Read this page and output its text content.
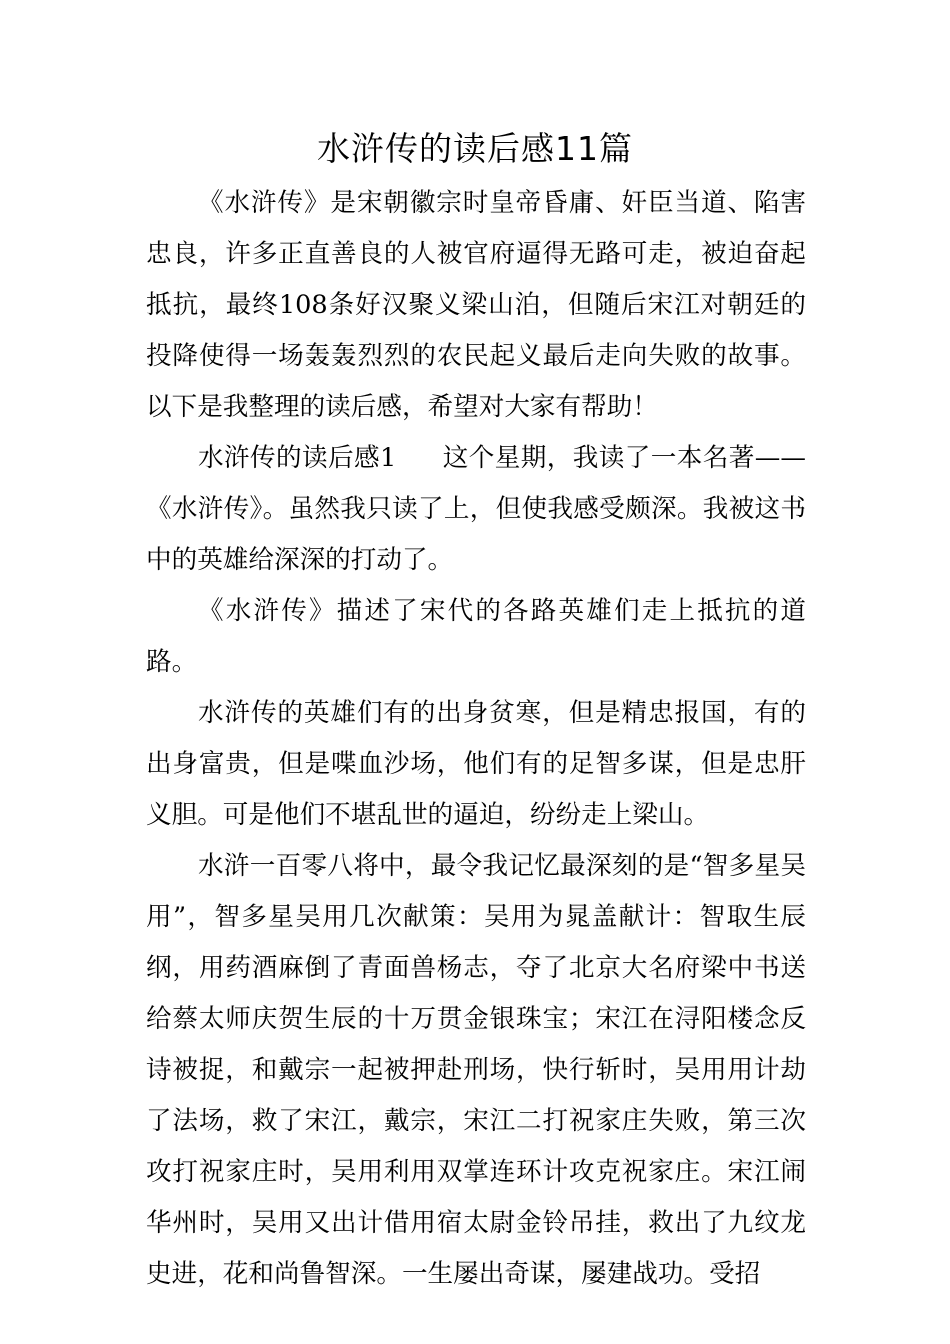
水浒传的读后感11篇

《水浒传》是宋朝徽宗时皇帝昏庸、奸臣当道、陷害忠良，许多正直善良的人被官府逼得无路可走，被迫奋起抵抗，最终108条好汉聚义梁山泊，但随后宋江对朝廷的投降使得一场轰轰烈烈的农民起义最后走向失败的故事。以下是我整理的读后感，希望对大家有帮助！

水浒传的读后感1 这个星期，我读了一本名著——《水浒传》。虽然我只读了上，但使我感受颇深。我被这书中的英雄给深深的打动了。

《水浒传》描述了宋代的各路英雄们走上抵抗的道路。

水浒传的英雄们有的出身贫寒，但是精忠报国，有的出身富贵，但是喋血沙场，他们有的足智多谋，但是忠肝义胆。可是他们不堪乱世的逼迫，纷纷走上梁山。

水浒一百零八将中，最令我记忆最深刻的是“智多星吴用”，智多星吴用几次献策：吴用为晁盖献计：智取生辰纲，用药酒麻倒了青面兽杨志，夺了北京大名府梁中书送给蔡太师庆贺生辰的十万贯金银珠宝；宋江在浔阳楼念反诗被捉，和戴宗一起被押赴刑场，快行斩时，吴用用计劫了法场，救了宋江，戴宗，宋江二打祝家庄失败，第三次攻打祝家庄时，吴用利用双掌连环计攻克祝家庄。宋江闹华州时，吴用又出计借用宿太尉金铃吊挂，救出了九纹龙史进，花和尚鲁智深。一生屡出奇谋，屡建战功。受招
